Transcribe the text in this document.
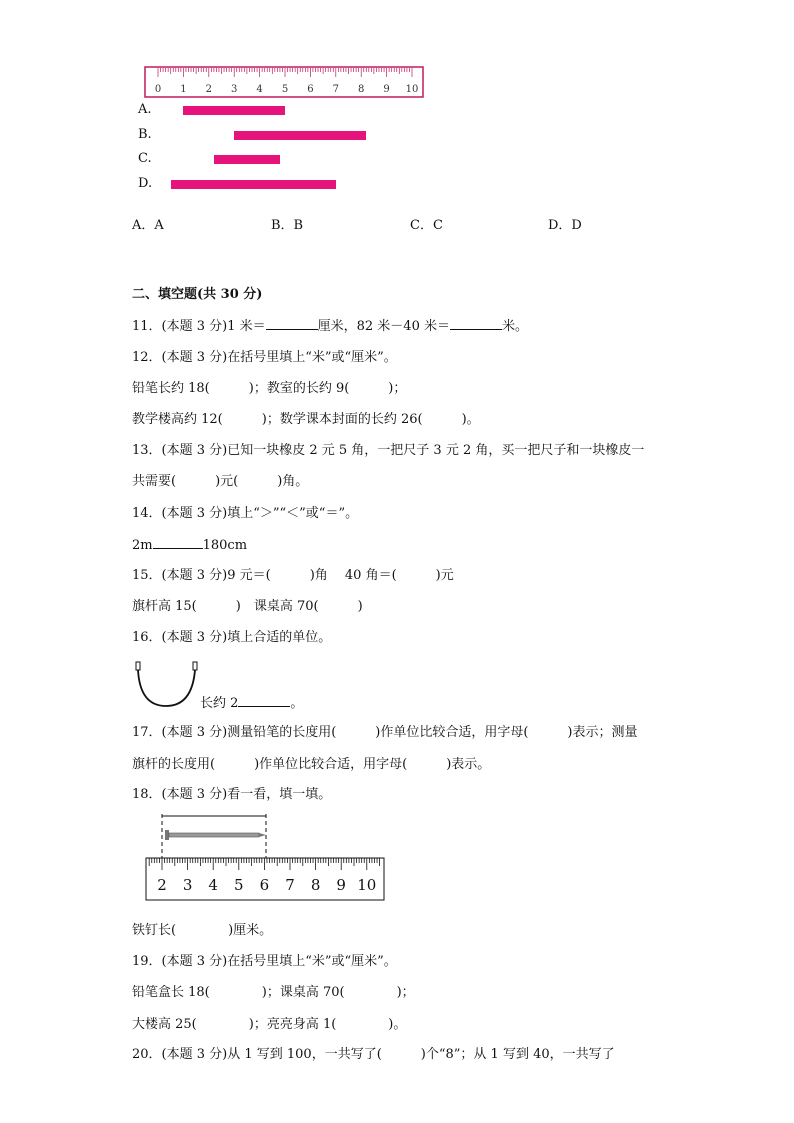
0 1 2 3 4 5 6 7 8 9 10
A.
B.
C.
D.
A．A	B．B	C．C	D．D
二、填空题(共 30 分)
11．(本题 3 分)1 米＝	厘米，82 米－40 米＝	米。
12．(本题 3 分)在括号里填上“米”或“厘米”。
铅笔长约 18(　　　)；教室的长约 9(　　　)；
教学楼高约 12(　　　)；数学课本封面的长约 26(　　　)。
13．(本题 3 分)已知一块橡皮 2 元 5 角，一把尺子 3 元 2 角，买一把尺子和一块橡皮一
共需要(　　　)元(　　　)角。
14．(本题 3 分)填上“＞”“＜”或“＝”。
2m	180cm
15．(本题 3 分)9 元＝(　　　)角　 40 角＝(　　　)元
旗杆高 15(　　　)　课桌高 70(　　　)
16．(本题 3 分)填上合适的单位。
长约 2	。
17．(本题 3 分)测量铅笔的长度用(　　　)作单位比较合适，用字母(　　　)表示；测量
旗杆的长度用(　　　)作单位比较合适，用字母(　　　)表示。
18．(本题 3 分)看一看，填一填。
2 3 4 5 6 7 8 9 10
铁钉长(　　　　)厘米。
19．(本题 3 分)在括号里填上“米”或“厘米”。
铅笔盒长 18(　　　　)；课桌高 70(　　　　)；
大楼高 25(　　　　)；亮亮身高 1(　　　　)。
20．(本题 3 分)从 1 写到 100，一共写了(　　　)个“8”；从 1 写到 40，一共写了
